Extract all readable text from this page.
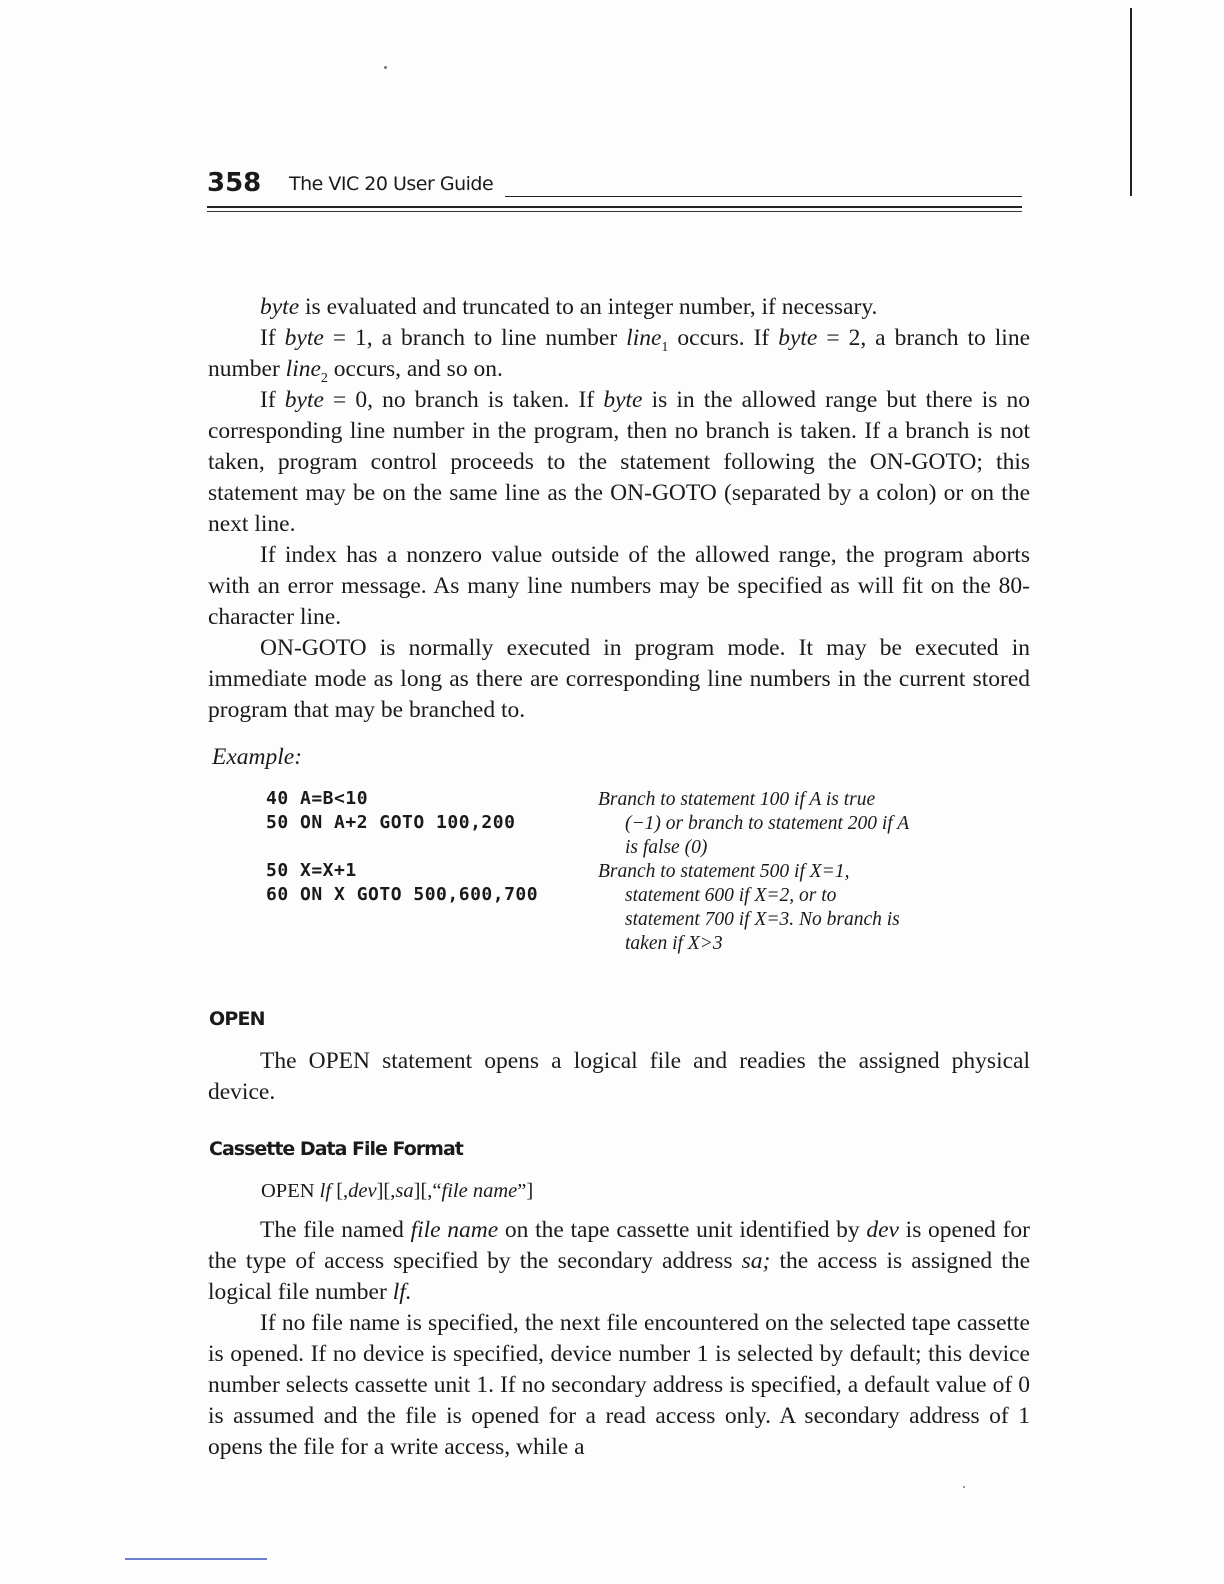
358 The VIC 20 User Guide

byte is evaluated and truncated to an integer number, if necessary.

If byte = 1, a branch to line number line$_1$ occurs. If byte = 2, a branch to line number line$_2$ occurs, and so on.

If byte = 0, no branch is taken. If byte is in the allowed range but there is no corresponding line number in the program, then no branch is taken. If a branch is not taken, program control proceeds to the statement following the ON-GOTO; this statement may be on the same line as the ON-GOTO (separated by a colon) or on the next line.

If index has a nonzero value outside of the allowed range, the program aborts with an error message. As many line numbers may be specified as will fit on the 80-character line.

ON-GOTO is normally executed in program mode. It may be executed in immediate mode as long as there are corresponding line numbers in the current stored program that may be branched to.

Example:
40 A=B<10
50 ON A+2 GOTO 100,200
Branch to statement 100 if A is true
(−1) or branch to statement 200 if A
is false (0)
50 X=X+1
60 ON X GOTO 500,600,700
Branch to statement 500 if X=1,
statement 600 if X=2, or to
statement 700 if X=3. No branch is
taken if X>3
OPEN

The OPEN statement opens a logical file and readies the assigned physical device.

Cassette Data File Format
OPEN lf [,dev][,sa][,“file name”]

The file named file name on the tape cassette unit identified by dev is opened for the type of access specified by the secondary address sa; the access is assigned the logical file number lf.

If no file name is specified, the next file encountered on the selected tape cassette is opened. If no device is specified, device number 1 is selected by default; this device number selects cassette unit 1. If no secondary address is specified, a default value of 0 is assumed and the file is opened for a read access only. A secondary address of 1 opens the file for a write access, while a
